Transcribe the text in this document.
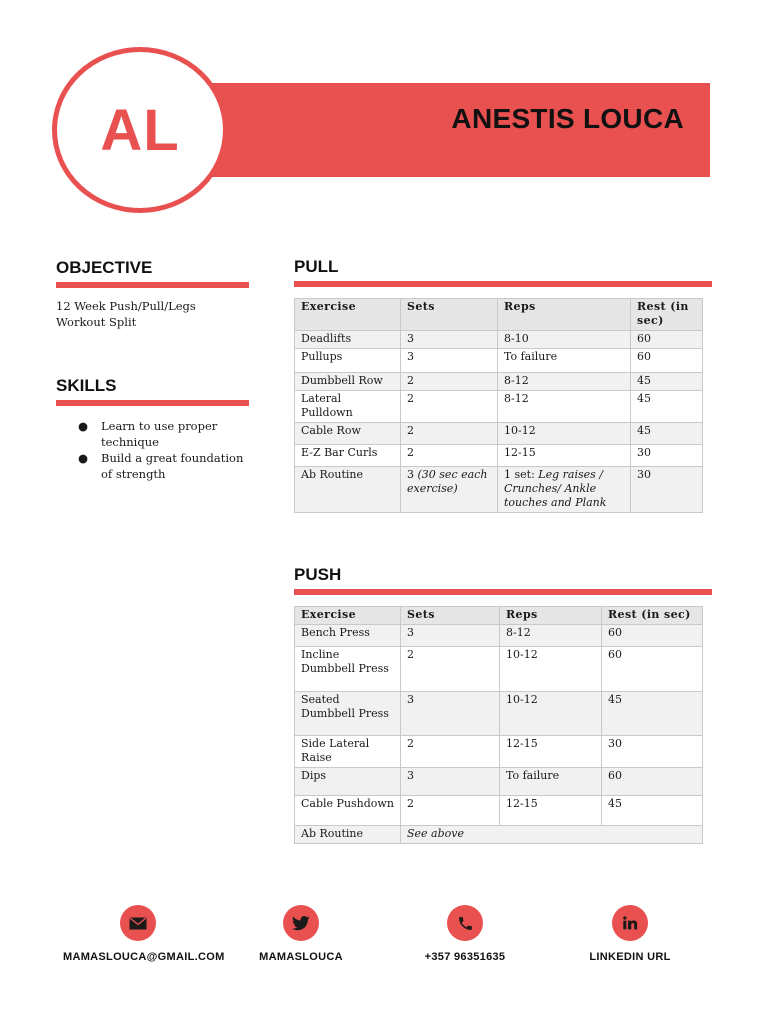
ANESTIS LOUCA
AL
OBJECTIVE
12 Week Push/Pull/Legs Workout Split
SKILLS
● Learn to use proper technique
● Build a great foundation of strength
PULL
Exercise	Sets	Reps	Rest (in sec)
Deadlifts	3	8-10	60
Pullups	3	To failure	60
Dumbbell Row	2	8-12	45
Lateral Pulldown	2	8-12	45
Cable Row	2	10-12	45
E-Z Bar Curls	2	12-15	30
Ab Routine	3 (30 sec each exercise)	1 set: Leg raises / Crunches/ Ankle touches and Plank	30
PUSH
Exercise	Sets	Reps	Rest (in sec)
Bench Press	3	8-12	60
Incline Dumbbell Press	2	10-12	60
Seated Dumbbell Press	3	10-12	45
Side Lateral Raise	2	12-15	30
Dips	3	To failure	60
Cable Pushdown	2	12-15	45
Ab Routine	See above		
MAMASLOUCA@GMAIL.COM	MAMASLOUCA	+357 96351635	LINKEDIN URL
